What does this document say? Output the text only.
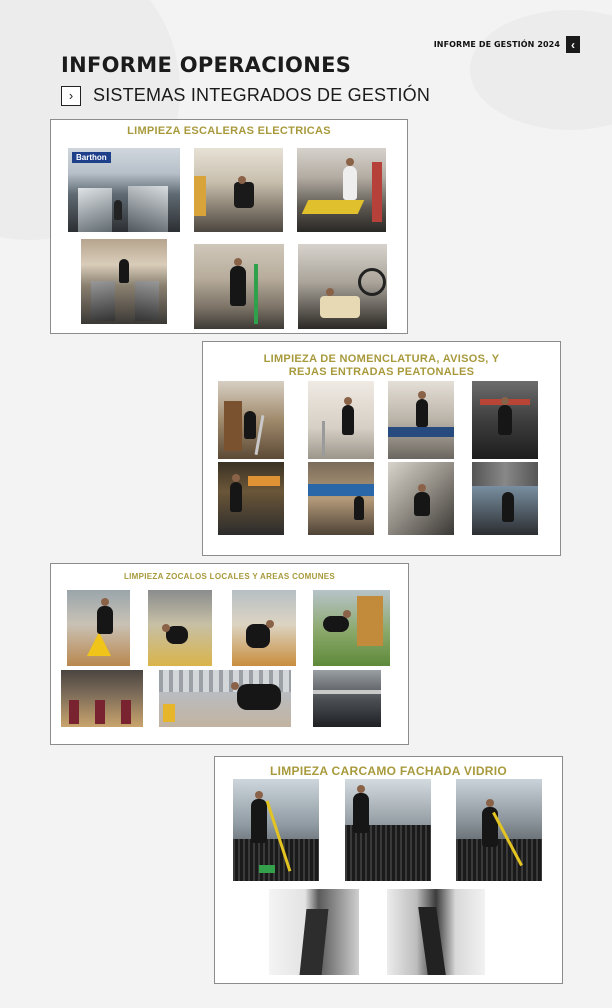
INFORME DE GESTIÓN 2024 ‹
INFORME OPERACIONES
› SISTEMAS INTEGRADOS DE GESTIÓN
LIMPIEZA ESCALERAS ELECTRICAS
Barthon
LIMPIEZA DE NOMENCLATURA, AVISOS, Y
REJAS ENTRADAS PEATONALES
LIMPIEZA ZOCALOS LOCALES Y AREAS COMUNES
LIMPIEZA CARCAMO FACHADA VIDRIO
